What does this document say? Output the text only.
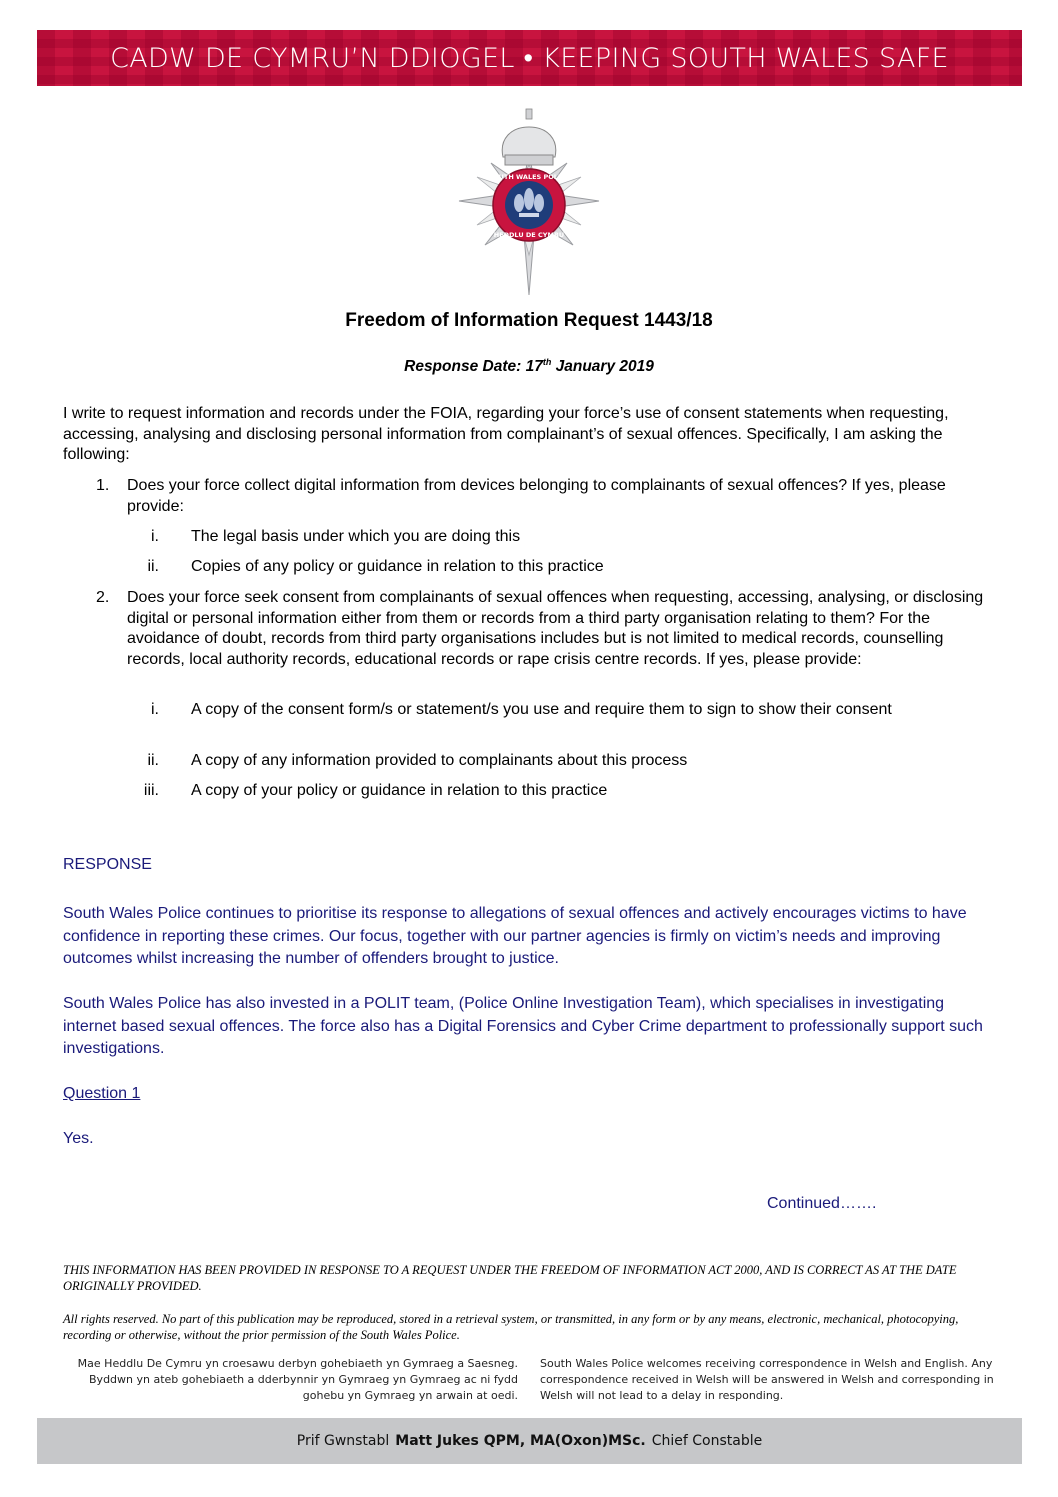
CADW DE CYMRU’N DDIOGEL • KEEPING SOUTH WALES SAFE
SOUTH WALES POLICE
HEDDLU DE CYMRU
Freedom of Information Request 1443/18
Response Date: 17th January 2019
I write to request information and records under the FOIA, regarding your force’s use of consent statements when requesting, accessing, analysing and disclosing personal information from complainant’s of sexual offences. Specifically, I am asking the following:
1. Does your force collect digital information from devices belonging to complainants of sexual offences? If yes, please provide:
i. The legal basis under which you are doing this
ii. Copies of any policy or guidance in relation to this practice
2. Does your force seek consent from complainants of sexual offences when requesting, accessing, analysing, or disclosing digital or personal information either from them or records from a third party organisation relating to them? For the avoidance of doubt, records from third party organisations includes but is not limited to medical records, counselling records, local authority records, educational records or rape crisis centre records. If yes, please provide:
i. A copy of the consent form/s or statement/s you use and require them to sign to show their consent
ii. A copy of any information provided to complainants about this process
iii. A copy of your policy or guidance in relation to this practice
RESPONSE
South Wales Police continues to prioritise its response to allegations of sexual offences and actively encourages victims to have confidence in reporting these crimes. Our focus, together with our partner agencies is firmly on victim’s needs and improving outcomes whilst increasing the number of offenders brought to justice.
South Wales Police has also invested in a POLIT team, (Police Online Investigation Team), which specialises in investigating internet based sexual offences. The force also has a Digital Forensics and Cyber Crime department to professionally support such investigations.
Question 1
Yes.
Continued…….
THIS INFORMATION HAS BEEN PROVIDED IN RESPONSE TO A REQUEST UNDER THE FREEDOM OF INFORMATION ACT 2000, AND IS CORRECT AS AT THE DATE ORIGINALLY PROVIDED.
All rights reserved. No part of this publication may be reproduced, stored in a retrieval system, or transmitted, in any form or by any means, electronic, mechanical, photocopying, recording or otherwise, without the prior permission of the South Wales Police.
Mae Heddlu De Cymru yn croesawu derbyn gohebiaeth yn Gymraeg a Saesneg. Byddwn yn ateb gohebiaeth a dderbynnir yn Gymraeg yn Gymraeg ac ni fydd gohebu yn Gymraeg yn arwain at oedi.
South Wales Police welcomes receiving correspondence in Welsh and English. Any correspondence received in Welsh will be answered in Welsh and corresponding in Welsh will not lead to a delay in responding.
Prif Gwnstabl Matt Jukes QPM, MA(Oxon)MSc. Chief Constable
